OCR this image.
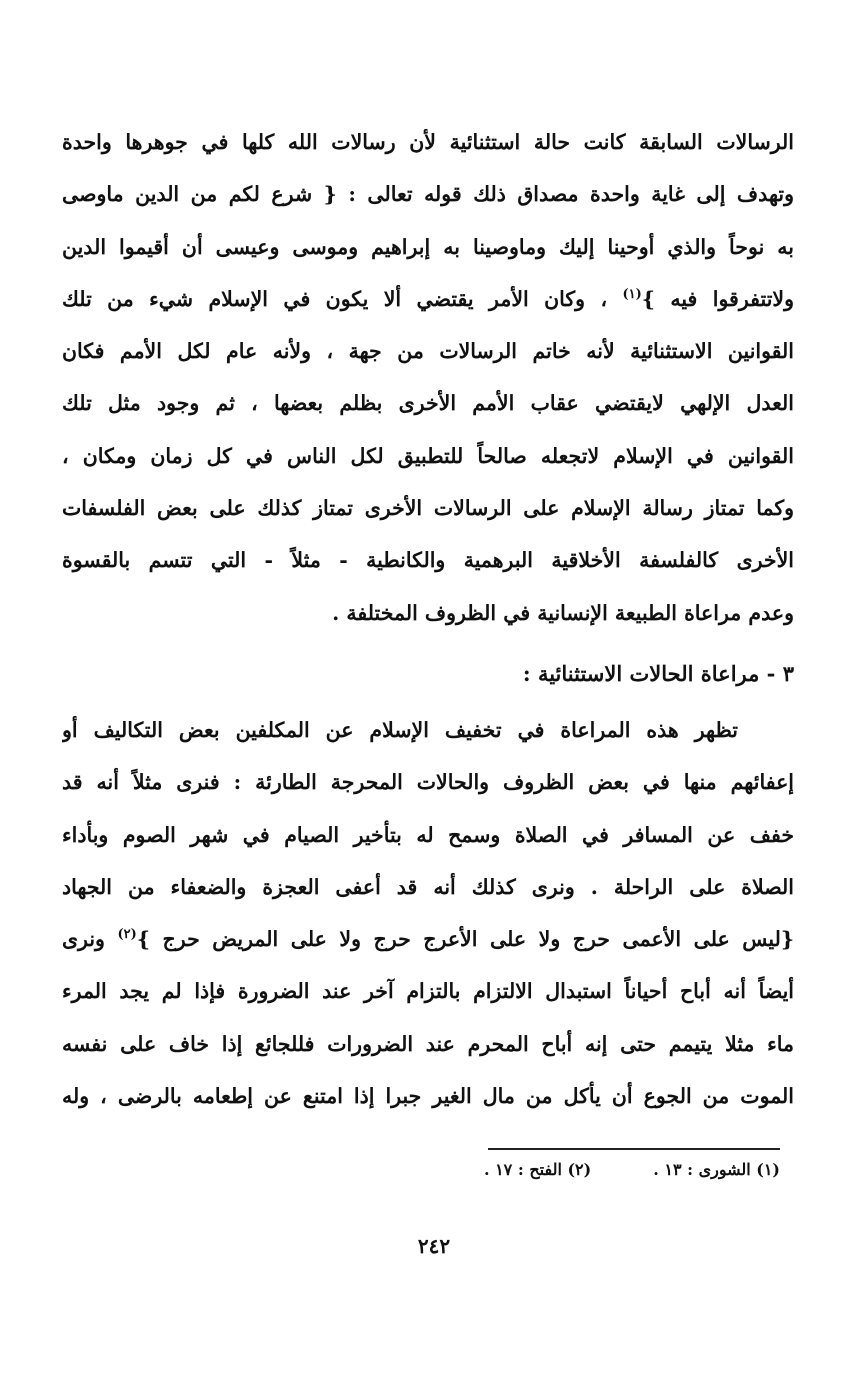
الرسالات السابقة كانت حالة استثنائية لأن رسالات الله كلها في جوهرها واحدة
وتهدف إلى غاية واحدة مصداق ذلك قوله تعالى : { شرع لكم من الدين ماوصى
به نوحاً والذي أوحينا إليك وماوصينا به إبراهيم وموسى وعيسى أن أقيموا الدين
ولاتتفرقوا فيه }$^{(١)}$ ، وكان الأمر يقتضي ألا يكون في الإسلام شيء من تلك
القوانين الاستثنائية لأنه خاتم الرسالات من جهة ، ولأنه عام لكل الأمم فكان
العدل الإلهي لايقتضي عقاب الأمم الأخرى بظلم بعضها ، ثم وجود مثل تلك
القوانين في الإسلام لاتجعله صالحاً للتطبيق لكل الناس في كل زمان ومكان ،
وكما تمتاز رسالة الإسلام على الرسالات الأخرى تمتاز كذلك على بعض الفلسفات
الأخرى كالفلسفة الأخلاقية البرهمية والكانطية - مثلاً - التي تتسم بالقسوة
وعدم مراعاة الطبيعة الإنسانية في الظروف المختلفة .
٣ - مراعاة الحالات الاستثنائية :
تظهر هذه المراعاة في تخفيف الإسلام عن المكلفين بعض التكاليف أو
إعفائهم منها في بعض الظروف والحالات المحرجة الطارئة : فنرى مثلاً أنه قد
خفف عن المسافر في الصلاة وسمح له بتأخير الصيام في شهر الصوم وبأداء
الصلاة على الراحلة . ونرى كذلك أنه قد أعفى العجزة والضعفاء من الجهاد
{ليس على الأعمى حرج ولا على الأعرج حرج ولا على المريض حرج }$^{(٢)}$ ونرى
أيضاً أنه أباح أحياناً استبدال الالتزام بالتزام آخر عند الضرورة فإذا لم يجد المرء
ماء مثلا يتيمم حتى إنه أباح المحرم عند الضرورات فللجائع إذا خاف على نفسه
الموت من الجوع أن يأكل من مال الغير جبرا إذا امتنع عن إطعامه بالرضى ، وله
(١) الشورى : ١٣ .(٢) الفتح : ١٧ .
٢٤٢
